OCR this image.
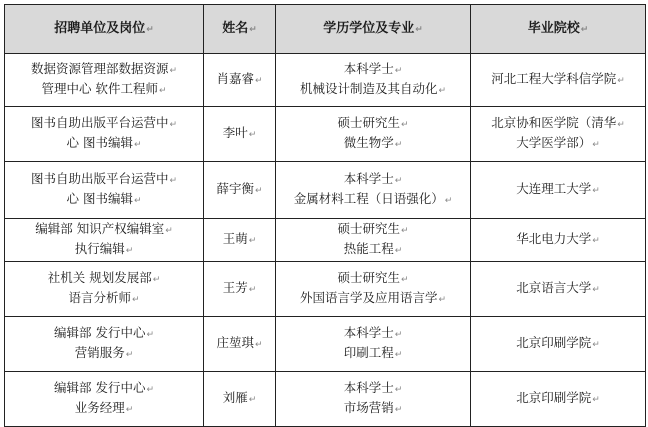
招聘单位及岗位↵	姓名↵	学历学位及专业↵	毕业院校↵

数据资源管理部数据资源↵
管理中心 软件工程师↵	肖嘉睿↵	本科学士↵
机械设计制造及其自动化↵	河北工程大学科信学院↵

图书自助出版平台运营中↵
心 图书编辑↵	李叶↵	硕士研究生↵
微生物学↵	北京协和医学院（清华↵
大学医学部）↵

图书自助出版平台运营中↵
心 图书编辑↵	薛宇衡↵	本科学士↵
金属材料工程（日语强化）↵	大连理工大学↵

编辑部 知识产权编辑室↵
执行编辑↵	王萌↵	硕士研究生↵
热能工程↵	华北电力大学↵

社机关 规划发展部↵
语言分析师↵	王芳↵	硕士研究生↵
外国语言学及应用语言学↵	北京语言大学↵

编辑部 发行中心↵
营销服务↵	庄堃琪↵	本科学士↵
印刷工程↵	北京印刷学院↵

编辑部 发行中心↵
业务经理↵	刘雁↵	本科学士↵
市场营销↵	北京印刷学院↵
